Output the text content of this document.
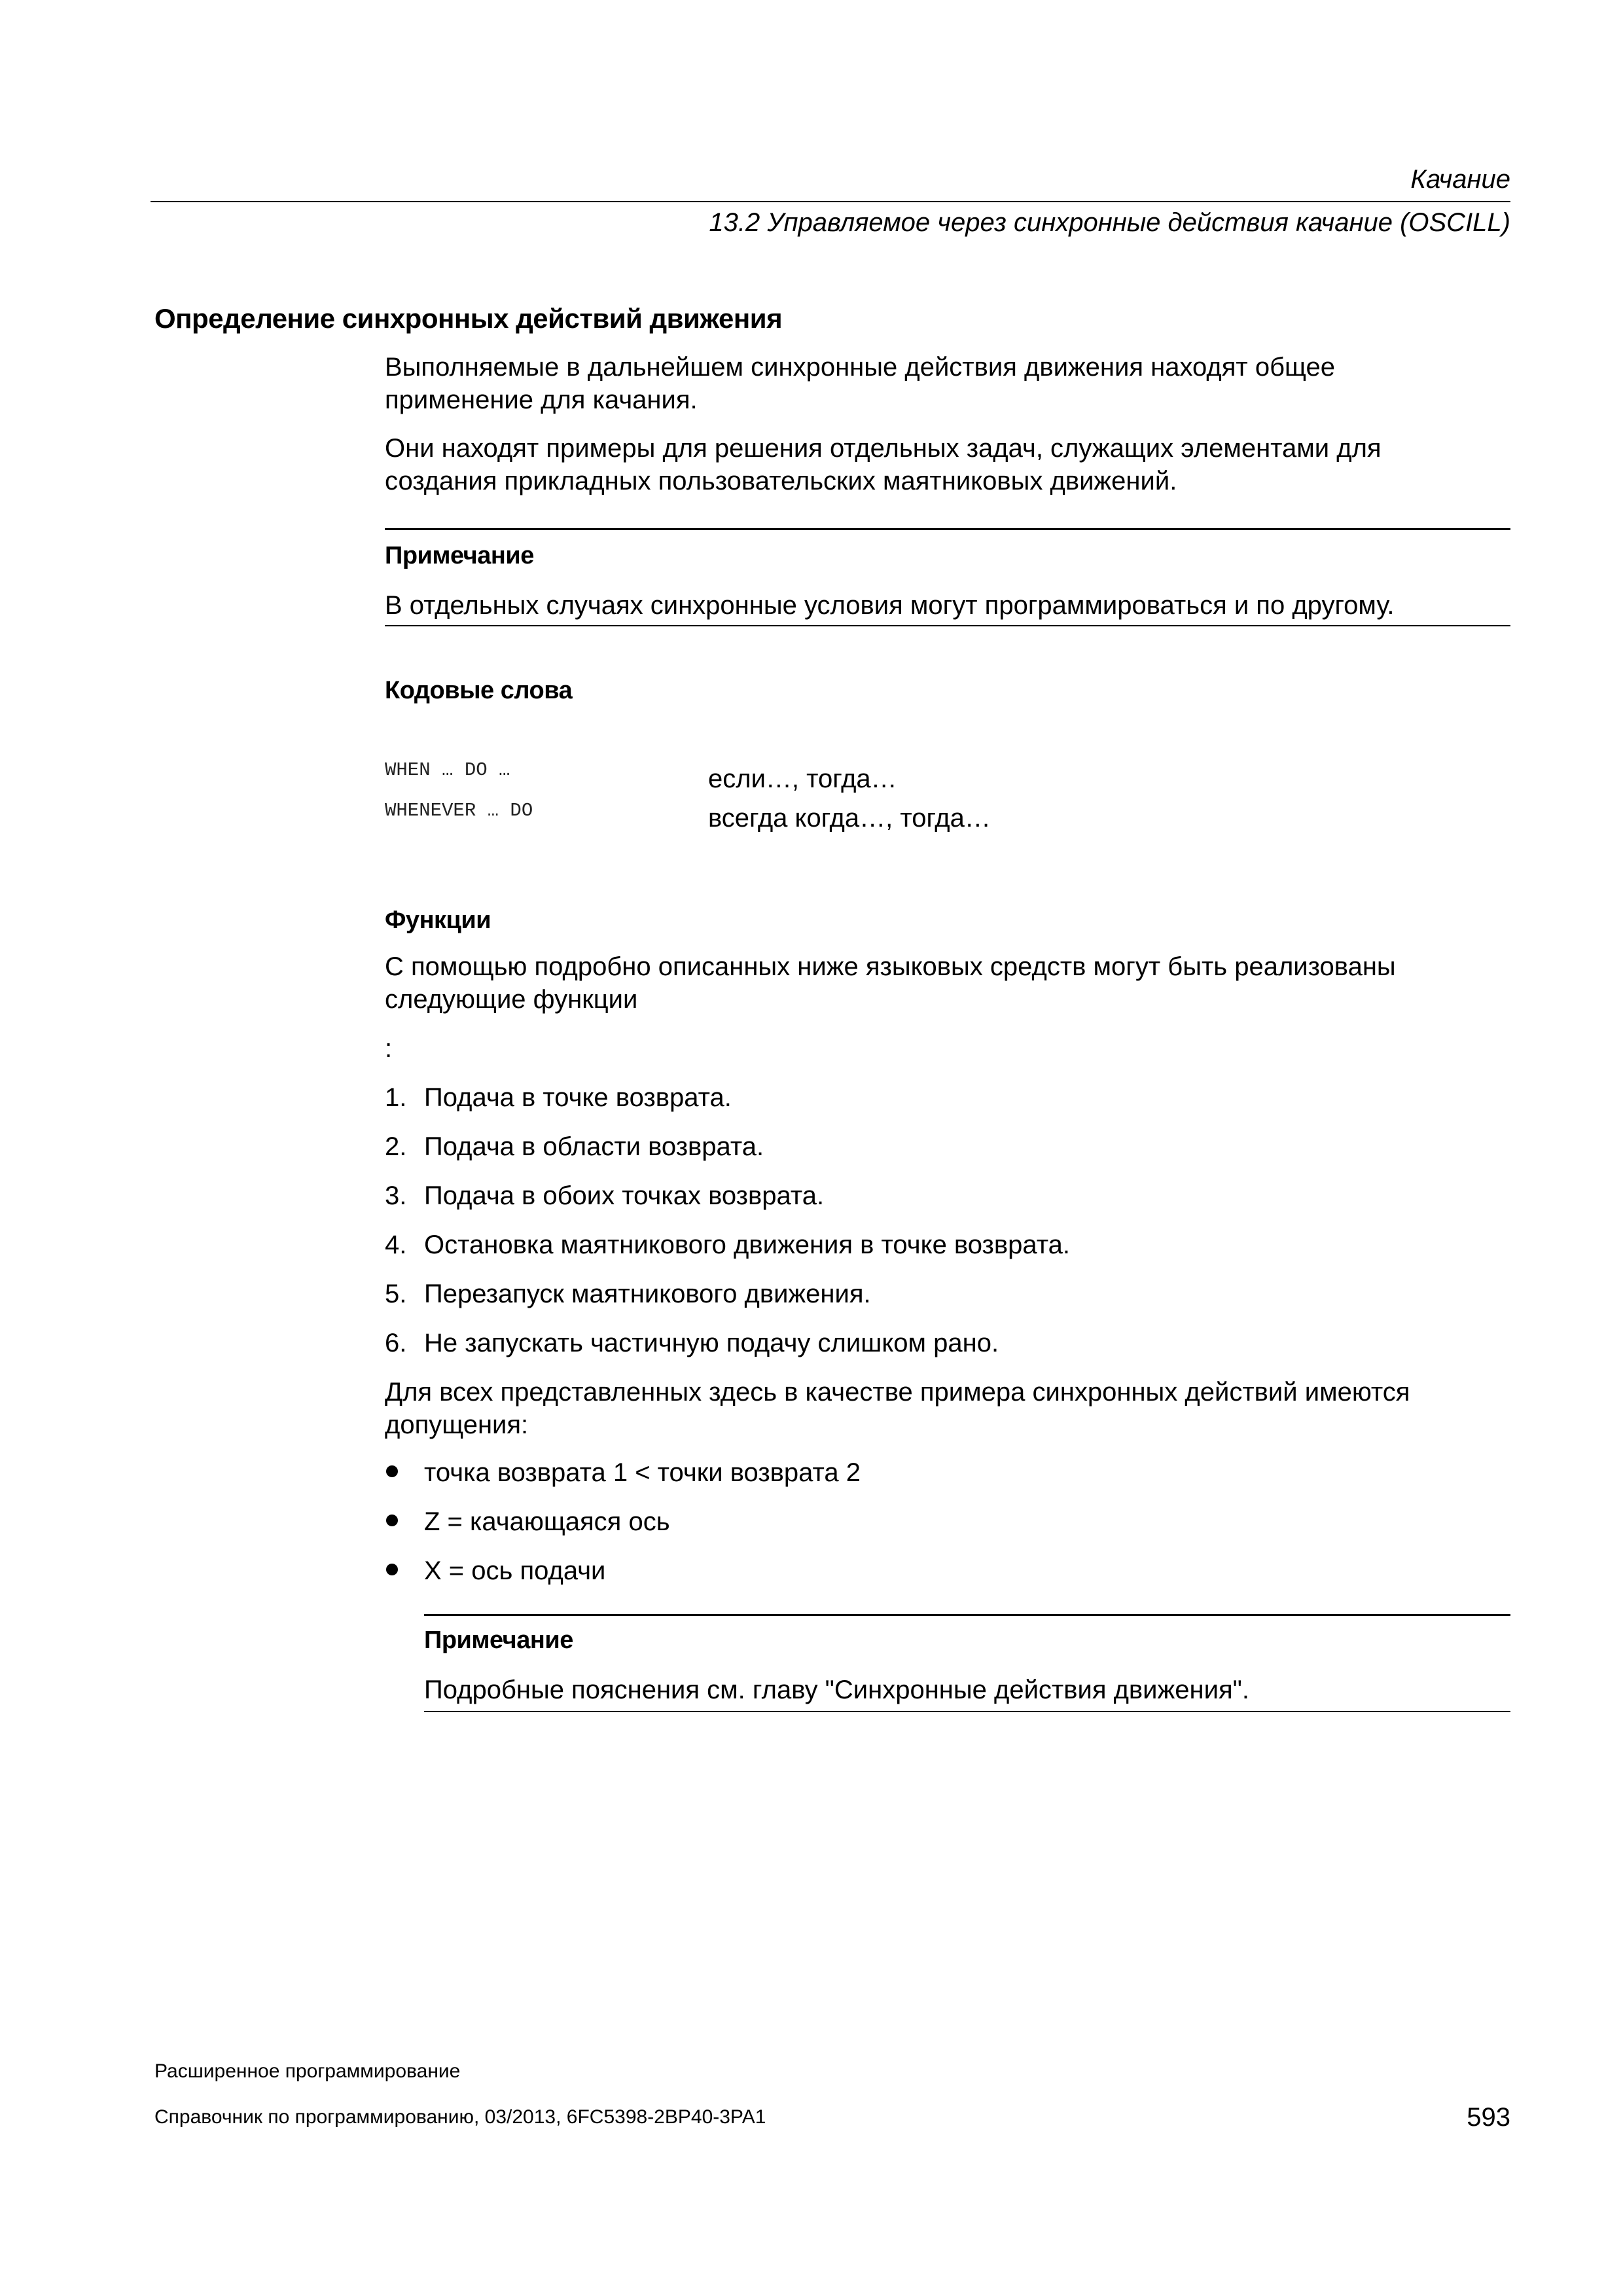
Качание
13.2 Управляемое через синхронные действия качание (OSCILL)
Определение синхронных действий движения
Выполняемые в дальнейшем синхронные действия движения находят общее
применение для качания.
Они находят примеры для решения отдельных задач, служащих элементами для
создания прикладных пользовательских маятниковых движений.
Примечание
В отдельных случаях синхронные условия могут программироваться и по другому.
Кодовые слова
WHEN … DO …	если…, тогда…
WHENEVER … DO	всегда когда…, тогда…
Функции
С помощью подробно описанных ниже языковых средств могут быть реализованы
следующие функции
:
1. Подача в точке возврата.
2. Подача в области возврата.
3. Подача в обоих точках возврата.
4. Остановка маятникового движения в точке возврата.
5. Перезапуск маятникового движения.
6. Не запускать частичную подачу слишком рано.
Для всех представленных здесь в качестве примера синхронных действий имеются
допущения:
точка возврата 1 < точки возврата 2
Z = качающаяся ось
X = ось подачи
Примечание
Подробные пояснения см. главу "Синхронные действия движения".
Расширенное программирование
Справочник по программированию, 03/2013, 6FC5398-2BP40-3PA1	593
